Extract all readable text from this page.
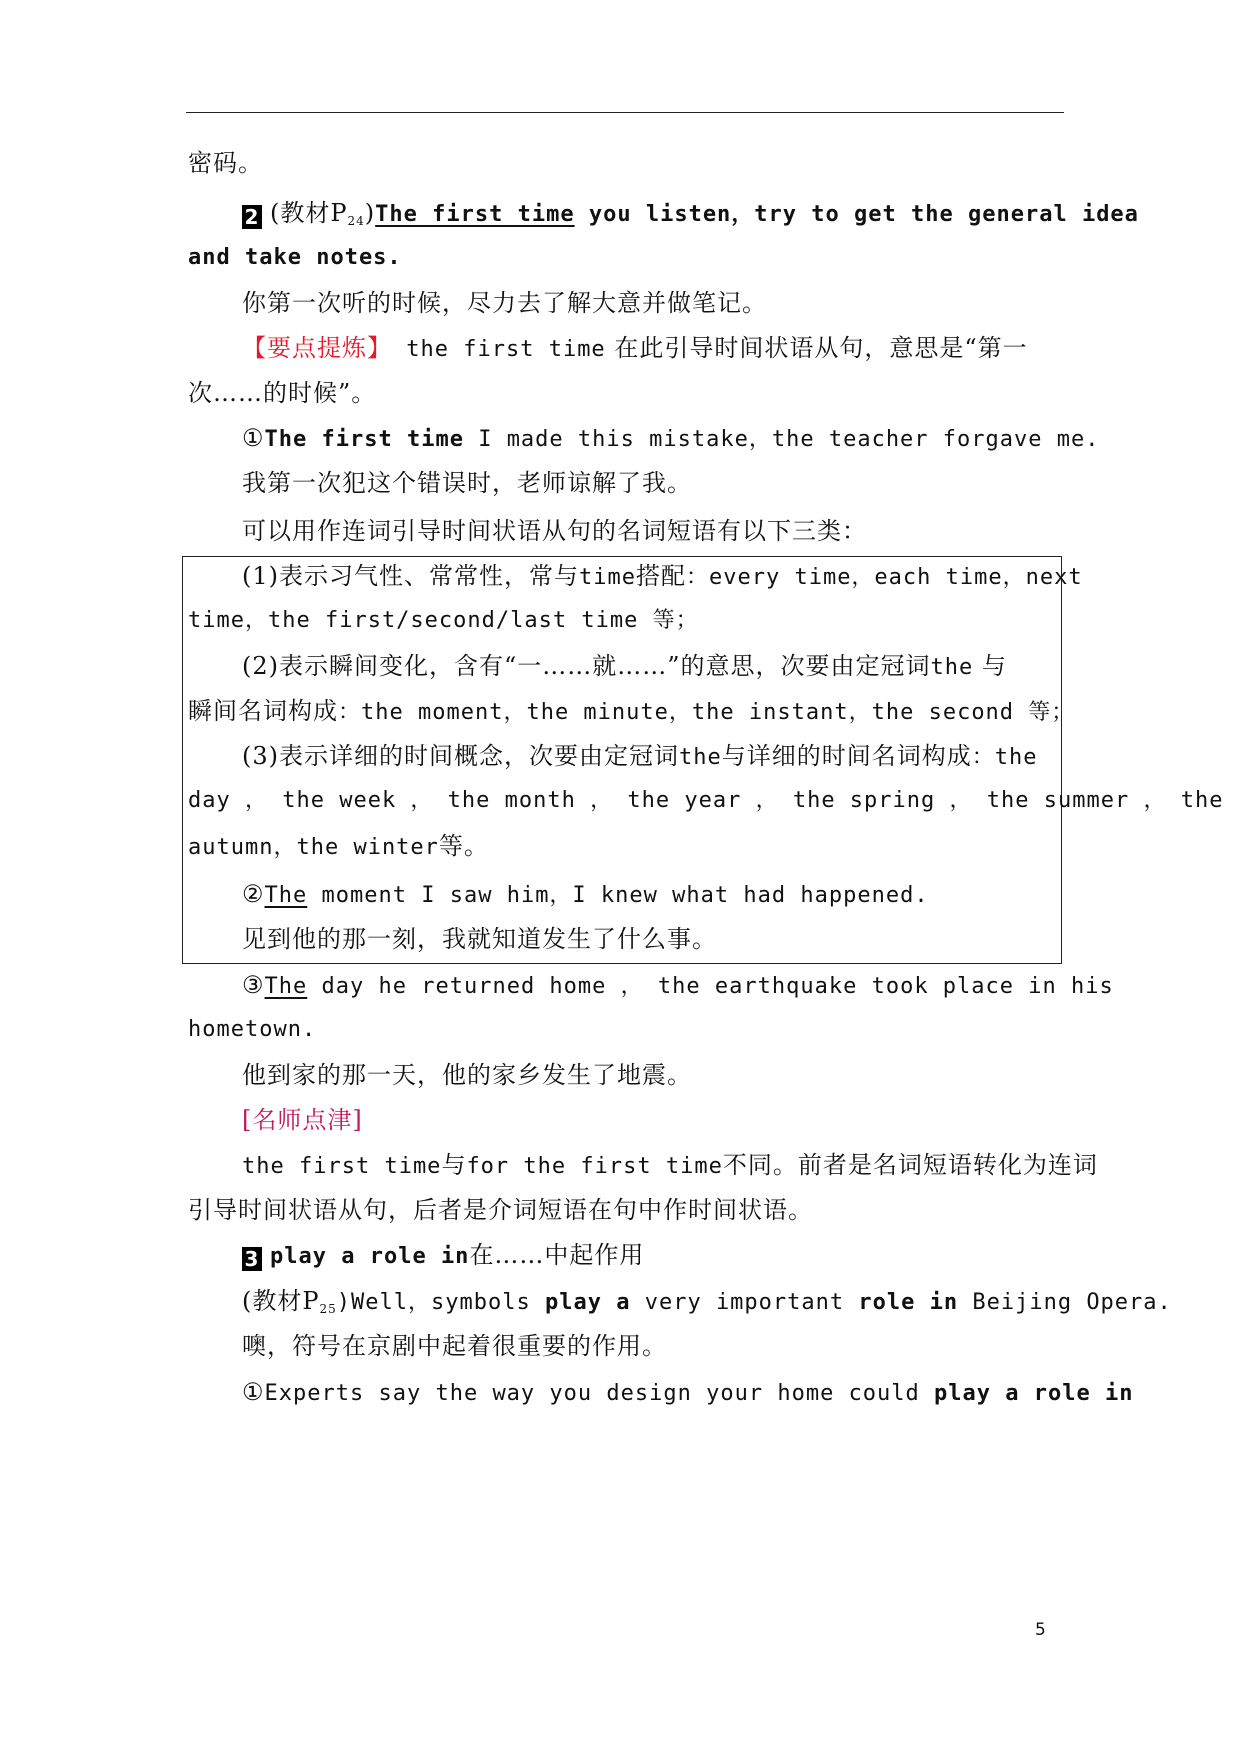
密码。
2 (教材$P_{24})The$ first time you listen，try to get the general idea
and take notes.
你第一次听的时候，尽力去了解大意并做笔记。
【要点提炼】 the first time 在此引导时间状语从句，意思是“第一
次……的时候”。
①The first time I made this mistake，the teacher forgave me.
我第一次犯这个错误时，老师谅解了我。
可以用作连词引导时间状语从句的名词短语有以下三类：
(1)表示习气性、常常性，常与time搭配：every time，each time，next
time，the first/second/last time 等；
(2)表示瞬间变化，含有“一……就……”的意思，次要由定冠词the 与
瞬间名词构成：the moment，the minute，the instant，the second 等；
(3)表示详细的时间概念，次要由定冠词the与详细的时间名词构成：the
day ， the week ， the month ， the year ， the spring ， the summer ， the
autumn，the winter等。
②The moment I saw him，I knew what had happened.
见到他的那一刻，我就知道发生了什么事。
③The day he returned home ， the earthquake took place in his
hometown.
他到家的那一天，他的家乡发生了地震。
[名师点津]
the first time与for the first time不同。前者是名词短语转化为连词
引导时间状语从句，后者是介词短语在句中作时间状语。
3 play a role in在……中起作用
(教材$P_{25})Well$，symbols play a very important role in Beijing Opera.
噢，符号在京剧中起着很重要的作用。
①Experts say the way you design your home could play a role in
5
